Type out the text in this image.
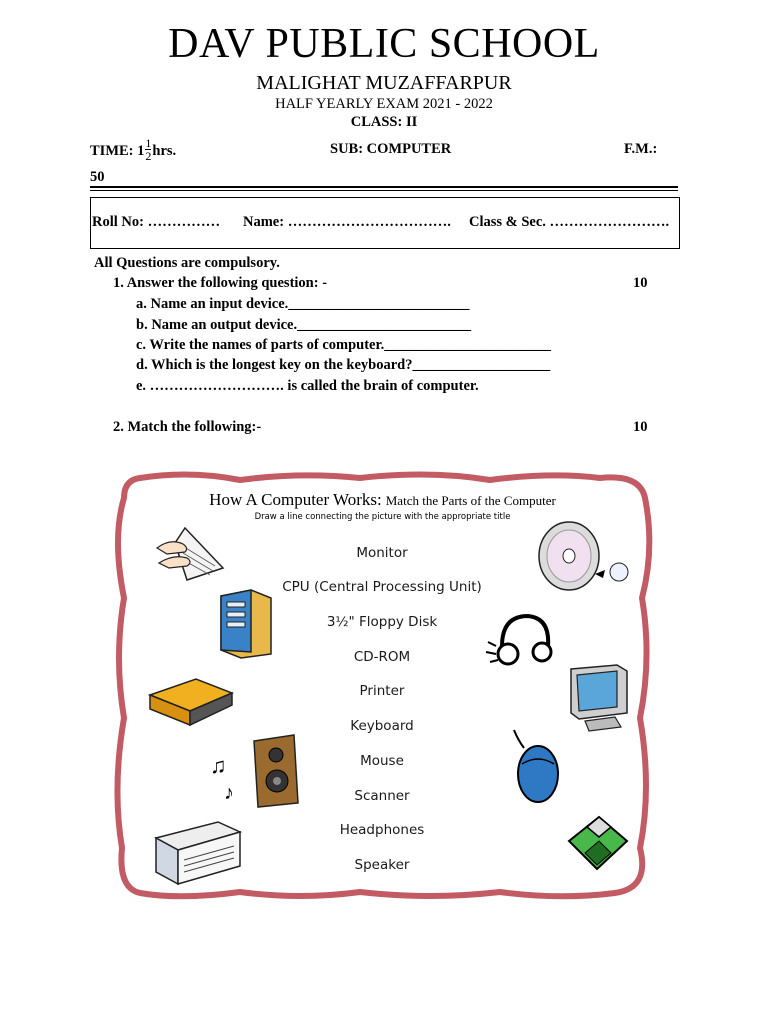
DAV PUBLIC SCHOOL
MALIGHAT MUZAFFARPUR
HALF YEARLY EXAM 2021 - 2022
CLASS: II
TIME: $1 \frac{1}{2}$ hrs.	SUB: COMPUTER	F.M.:
50
Roll No: …………… Name: ……………………………. Class & Sec. …………………….
All Questions are compulsory.
1. Answer the following question: -	10
a. Name an input device._________________________
b. Name an output device.________________________
c. Write the names of parts of computer._______________________
d. Which is the longest key on the keyboard?___________________
e. ………………………. is called the brain of computer.
2. Match the following:-	10
How A Computer Works: Match the Parts of the Computer
Draw a line connecting the picture with the appropriate title
Monitor
CPU (Central Processing Unit)
3½" Floppy Disk
CD-ROM
Printer
Keyboard
Mouse
Scanner
Headphones
Speaker
♫
♪
